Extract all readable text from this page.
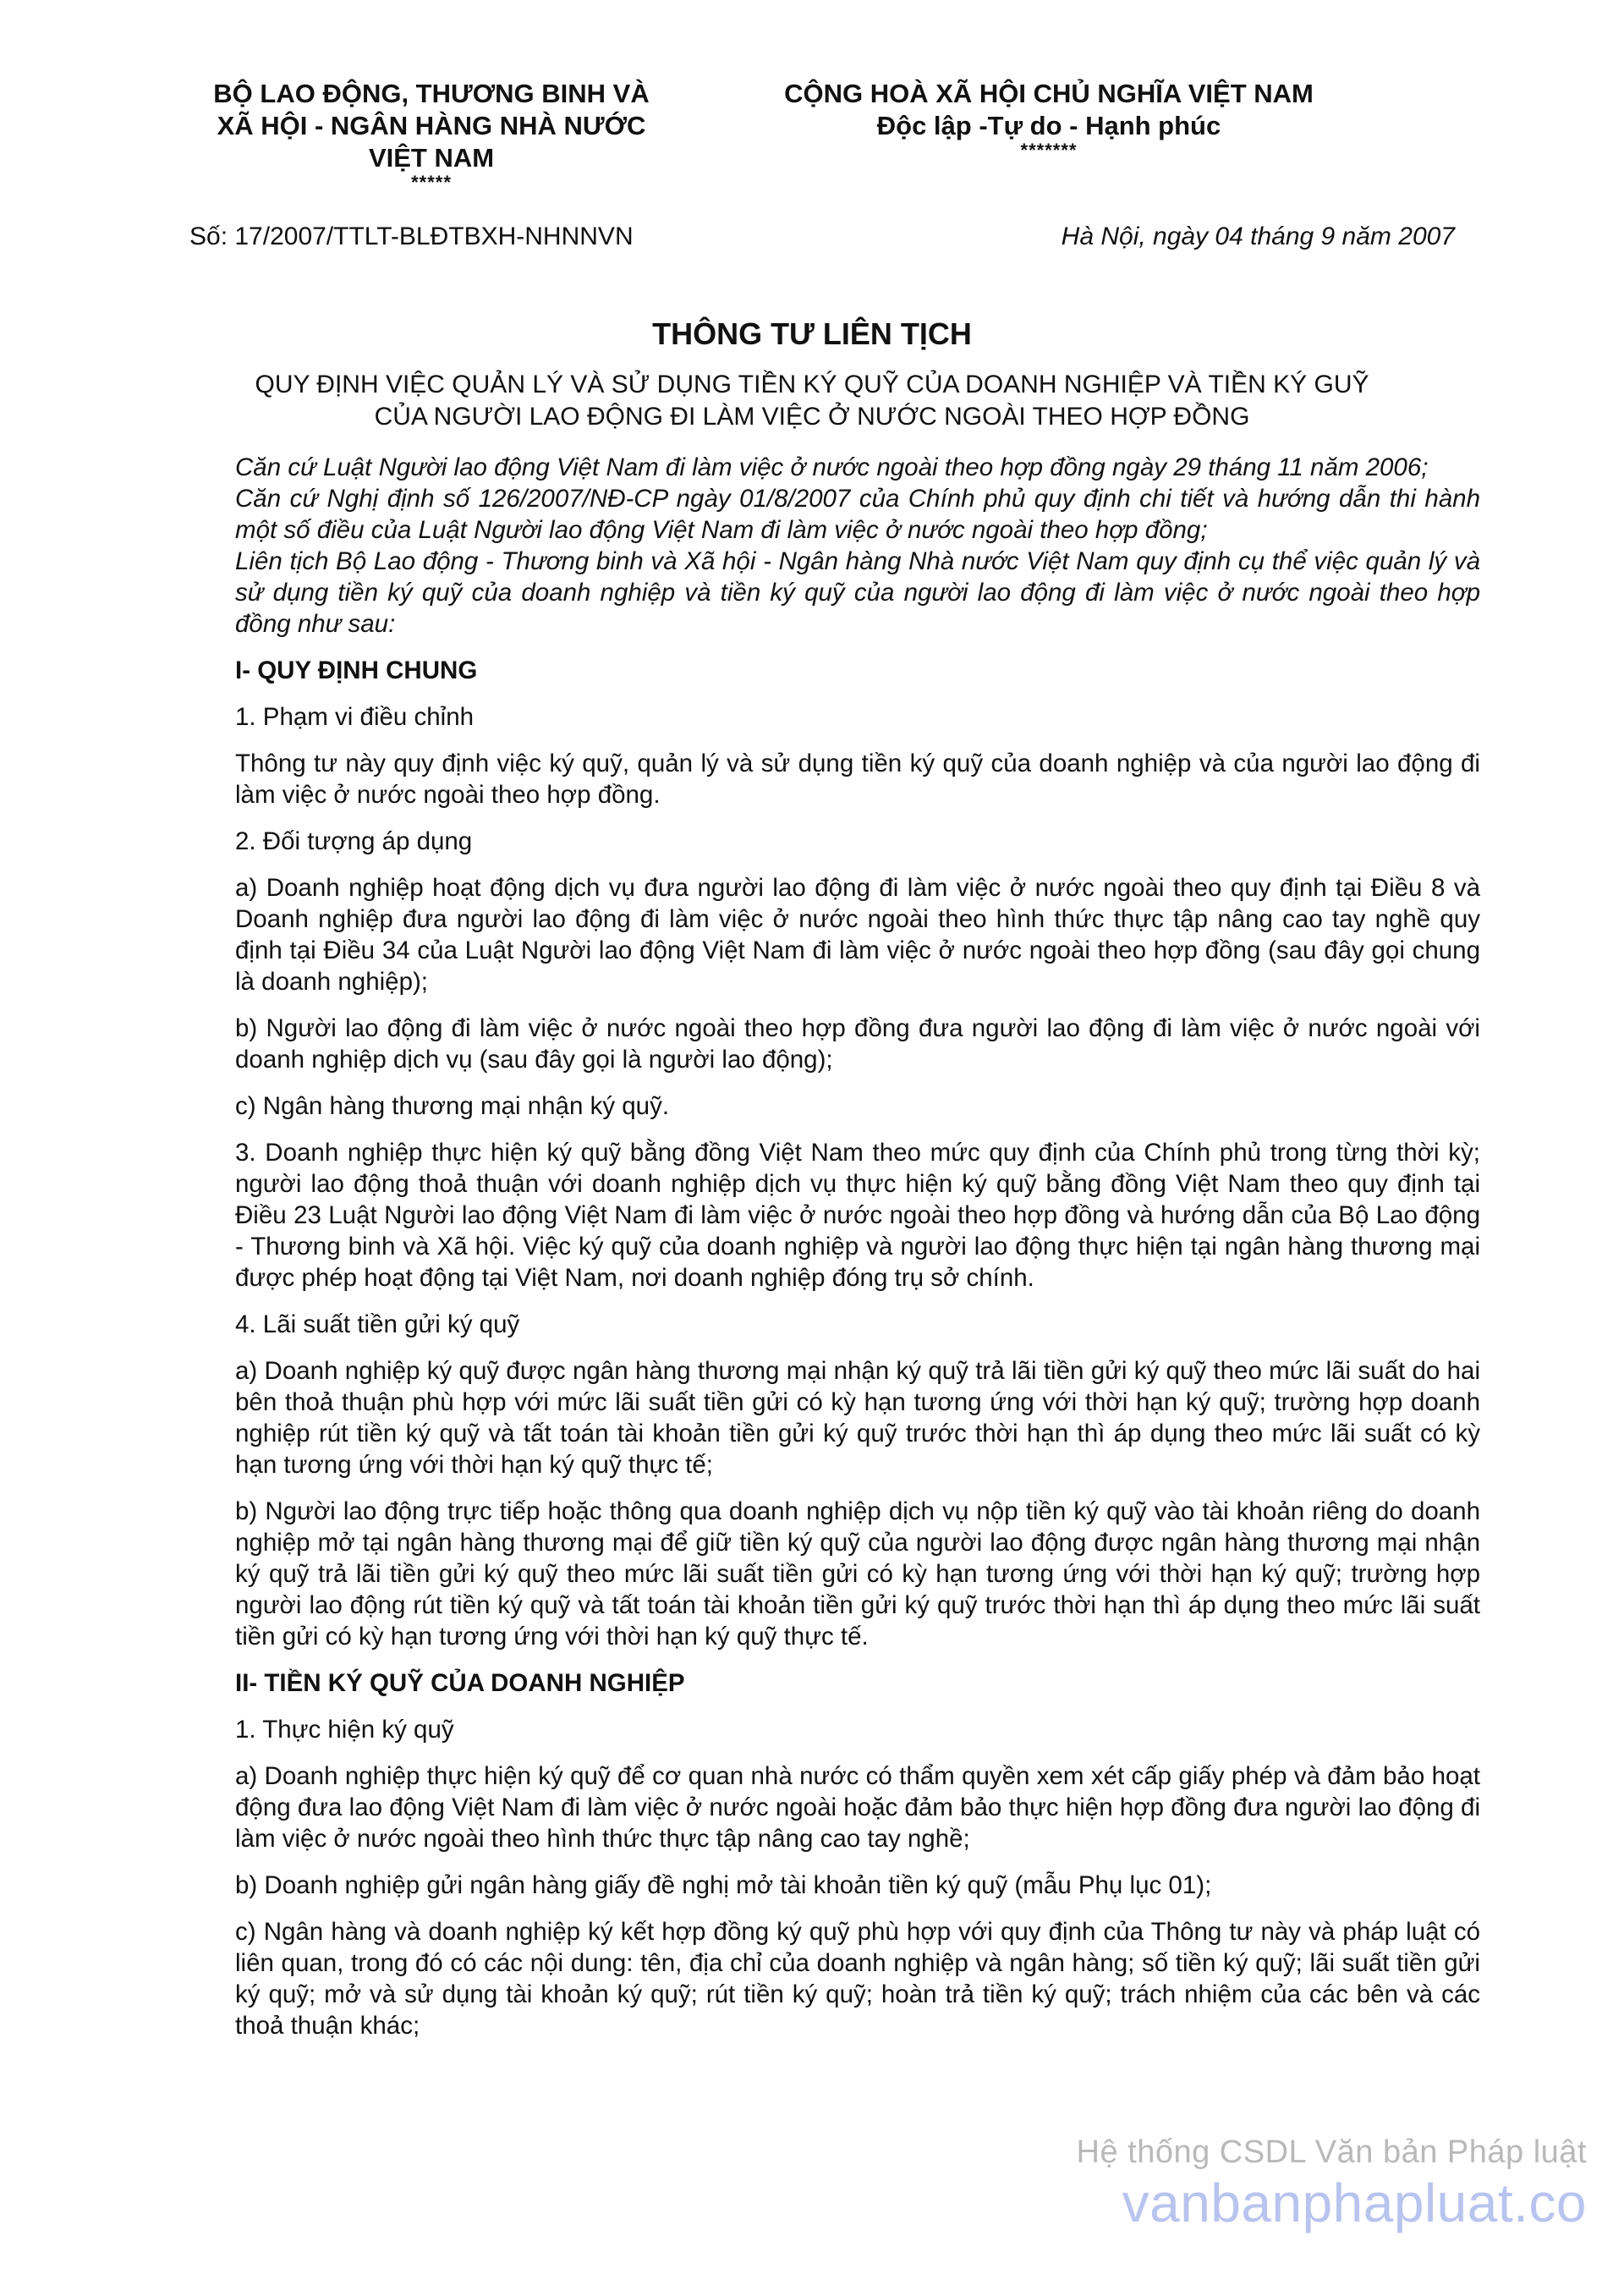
BỘ LAO ĐỘNG, THƯƠNG BINH VÀ
XÃ HỘI - NGÂN HÀNG NHÀ NƯỚC
VIỆT NAM
*****
CỘNG HOÀ XÃ HỘI CHỦ NGHĨA VIỆT NAM
Độc lập -Tự do - Hạnh phúc
*******
Số: 17/2007/TTLT-BLĐTBXH-NHNNVN	Hà Nội, ngày 04 tháng 9 năm 2007
THÔNG TƯ LIÊN TỊCH
QUY ĐỊNH VIỆC QUẢN LÝ VÀ SỬ DỤNG TIỀN KÝ QUỸ CỦA DOANH NGHIỆP VÀ TIỀN KÝ GUỸ
CỦA NGƯỜI LAO ĐỘNG ĐI LÀM VIỆC Ở NƯỚC NGOÀI THEO HỢP ĐỒNG

Căn cứ Luật Người lao động Việt Nam đi làm việc ở nước ngoài theo hợp đồng ngày 29 tháng 11 năm 2006;

Căn cứ Nghị định số 126/2007/NĐ-CP ngày 01/8/2007 của Chính phủ quy định chi tiết và hướng dẫn thi hành một số điều của Luật Người lao động Việt Nam đi làm việc ở nước ngoài theo hợp đồng;

Liên tịch Bộ Lao động - Thương binh và Xã hội - Ngân hàng Nhà nước Việt Nam quy định cụ thể việc quản lý và sử dụng tiền ký quỹ của doanh nghiệp và tiền ký quỹ của người lao động đi làm việc ở nước ngoài theo hợp đồng như sau:

I- QUY ĐỊNH CHUNG

1. Phạm vi điều chỉnh

Thông tư này quy định việc ký quỹ, quản lý và sử dụng tiền ký quỹ của doanh nghiệp và của người lao động đi làm việc ở nước ngoài theo hợp đồng.

2. Đối tượng áp dụng

a) Doanh nghiệp hoạt động dịch vụ đưa người lao động đi làm việc ở nước ngoài theo quy định tại Điều 8 và Doanh nghiệp đưa người lao động đi làm việc ở nước ngoài theo hình thức thực tập nâng cao tay nghề quy định tại Điều 34 của Luật Người lao động Việt Nam đi làm việc ở nước ngoài theo hợp đồng (sau đây gọi chung là doanh nghiệp);

b) Người lao động đi làm việc ở nước ngoài theo hợp đồng đưa người lao động đi làm việc ở nước ngoài với doanh nghiệp dịch vụ (sau đây gọi là người lao động);

c) Ngân hàng thương mại nhận ký quỹ.

3. Doanh nghiệp thực hiện ký quỹ bằng đồng Việt Nam theo mức quy định của Chính phủ trong từng thời kỳ; người lao động thoả thuận với doanh nghiệp dịch vụ thực hiện ký quỹ bằng đồng Việt Nam theo quy định tại Điều 23 Luật Người lao động Việt Nam đi làm việc ở nước ngoài theo hợp đồng và hướng dẫn của Bộ Lao động - Thương binh và Xã hội. Việc ký quỹ của doanh nghiệp và người lao động thực hiện tại ngân hàng thương mại được phép hoạt động tại Việt Nam, nơi doanh nghiệp đóng trụ sở chính.

4. Lãi suất tiền gửi ký quỹ

a) Doanh nghiệp ký quỹ được ngân hàng thương mại nhận ký quỹ trả lãi tiền gửi ký quỹ theo mức lãi suất do hai bên thoả thuận phù hợp với mức lãi suất tiền gửi có kỳ hạn tương ứng với thời hạn ký quỹ; trường hợp doanh nghiệp rút tiền ký quỹ và tất toán tài khoản tiền gửi ký quỹ trước thời hạn thì áp dụng theo mức lãi suất có kỳ hạn tương ứng với thời hạn ký quỹ thực tế;

b) Người lao động trực tiếp hoặc thông qua doanh nghiệp dịch vụ nộp tiền ký quỹ vào tài khoản riêng do doanh nghiệp mở tại ngân hàng thương mại để giữ tiền ký quỹ của người lao động được ngân hàng thương mại nhận ký quỹ trả lãi tiền gửi ký quỹ theo mức lãi suất tiền gửi có kỳ hạn tương ứng với thời hạn ký quỹ; trường hợp người lao động rút tiền ký quỹ và tất toán tài khoản tiền gửi ký quỹ trước thời hạn thì áp dụng theo mức lãi suất tiền gửi có kỳ hạn tương ứng với thời hạn ký quỹ thực tế.

II- TIỀN KÝ QUỸ CỦA DOANH NGHIỆP

1. Thực hiện ký quỹ

a) Doanh nghiệp thực hiện ký quỹ để cơ quan nhà nước có thẩm quyền xem xét cấp giấy phép và đảm bảo hoạt động đưa lao động Việt Nam đi làm việc ở nước ngoài hoặc đảm bảo thực hiện hợp đồng đưa người lao động đi làm việc ở nước ngoài theo hình thức thực tập nâng cao tay nghề;

b) Doanh nghiệp gửi ngân hàng giấy đề nghị mở tài khoản tiền ký quỹ (mẫu Phụ lục 01);

c) Ngân hàng và doanh nghiệp ký kết hợp đồng ký quỹ phù hợp với quy định của Thông tư này và pháp luật có liên quan, trong đó có các nội dung: tên, địa chỉ của doanh nghiệp và ngân hàng; số tiền ký quỹ; lãi suất tiền gửi ký quỹ; mở và sử dụng tài khoản ký quỹ; rút tiền ký quỹ; hoàn trả tiền ký quỹ; trách nhiệm của các bên và các thoả thuận khác;

Hệ thống CSDL Văn bản Pháp luật
vanbanphapluat.co
